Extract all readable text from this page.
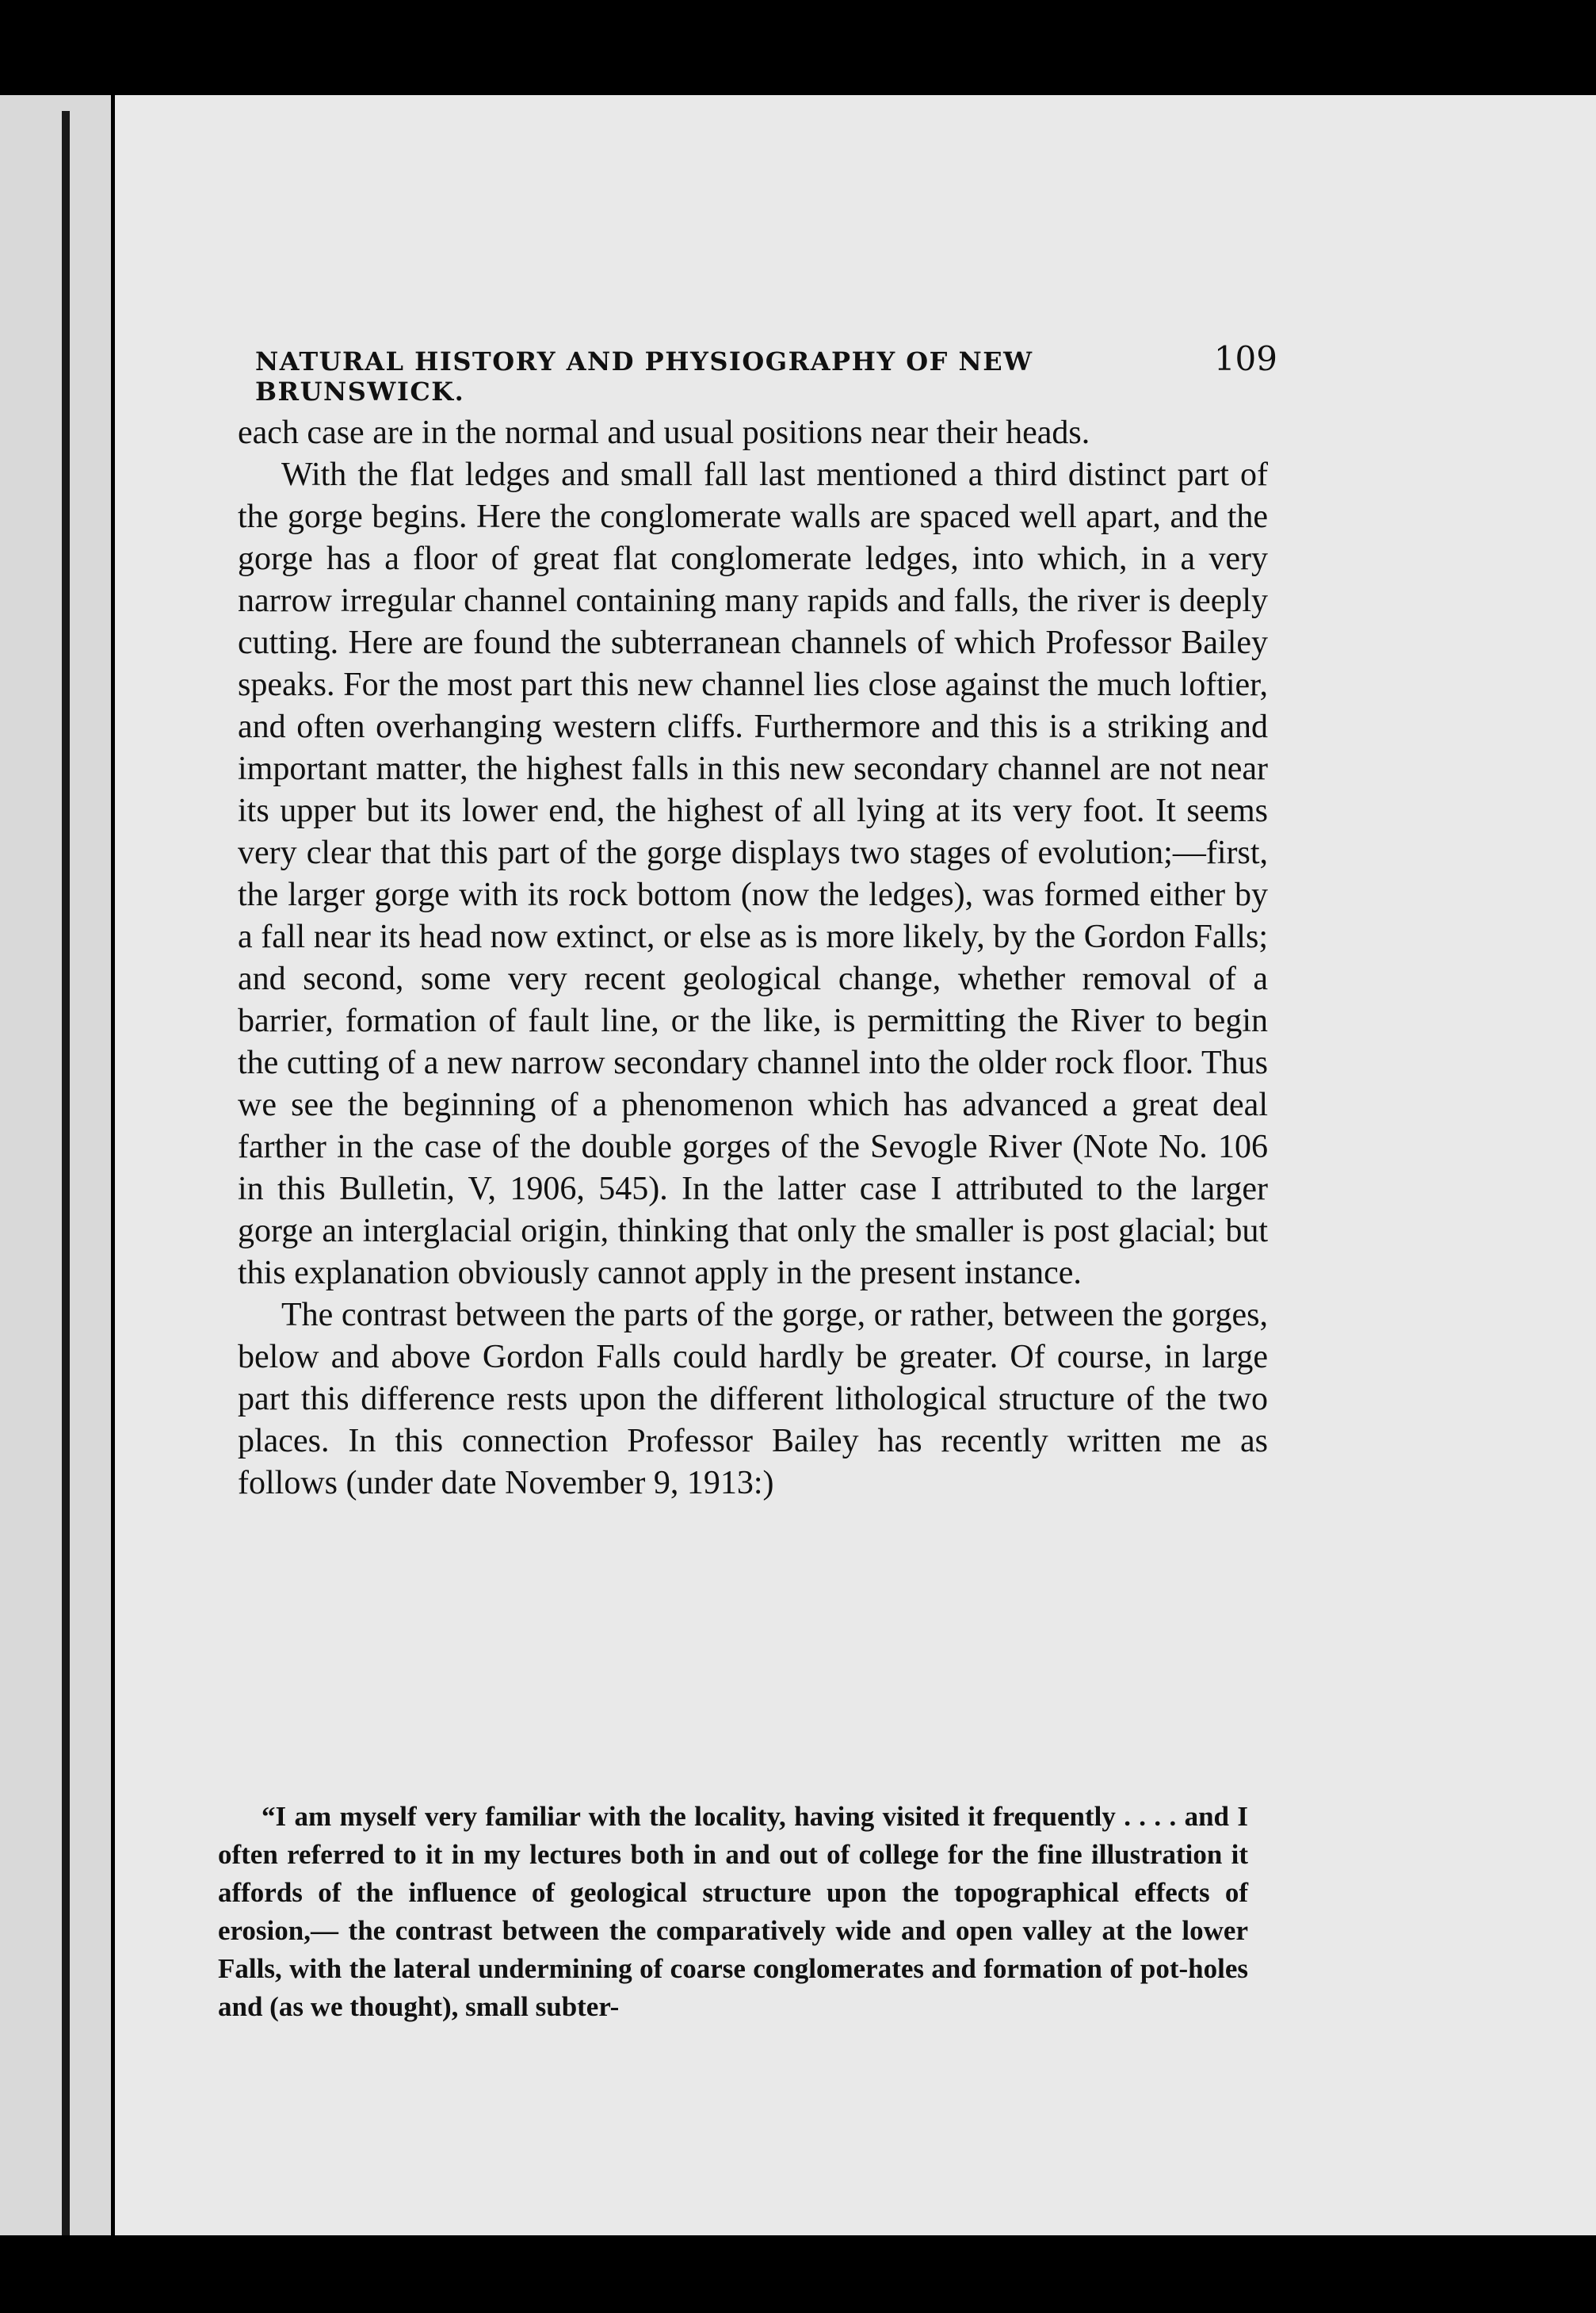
NATURAL HISTORY AND PHYSIOGRAPHY OF NEW BRUNSWICK.
109

each case are in the normal and usual positions near their heads.

With the flat ledges and small fall last mentioned a third distinct part of the gorge begins. Here the conglomerate walls are spaced well apart, and the gorge has a floor of great flat conglomerate ledges, into which, in a very narrow irregular channel containing many rapids and falls, the river is deeply cutting. Here are found the subterranean channels of which Professor Bailey speaks. For the most part this new channel lies close against the much loftier, and often overhanging western cliffs. Furthermore and this is a striking and important matter, the highest falls in this new secondary channel are not near its upper but its lower end, the highest of all lying at its very foot. It seems very clear that this part of the gorge displays two stages of evolution;—first, the larger gorge with its rock bottom (now the ledges), was formed either by a fall near its head now extinct, or else as is more likely, by the Gordon Falls; and second, some very recent geological change, whether removal of a barrier, formation of fault line, or the like, is permitting the River to begin the cutting of a new narrow secondary channel into the older rock floor. Thus we see the beginning of a phenomenon which has advanced a great deal farther in the case of the double gorges of the Sevogle River (Note No. 106 in this Bulletin, V, 1906, 545). In the latter case I attributed to the larger gorge an interglacial origin, thinking that only the smaller is post glacial; but this explanation obviously cannot apply in the present instance.

The contrast between the parts of the gorge, or rather, between the gorges, below and above Gordon Falls could hardly be greater. Of course, in large part this difference rests upon the different lithological structure of the two places. In this connection Professor Bailey has recently written me as follows (under date November 9, 1913:)

“I am myself very familiar with the locality, having visited it frequently . . . . and I often referred to it in my lectures both in and out of college for the fine illustration it affords of the influence of geological structure upon the topographical effects of erosion,— the contrast between the comparatively wide and open valley at the lower Falls, with the lateral undermining of coarse conglomerates and formation of pot-holes and (as we thought), small subter-
